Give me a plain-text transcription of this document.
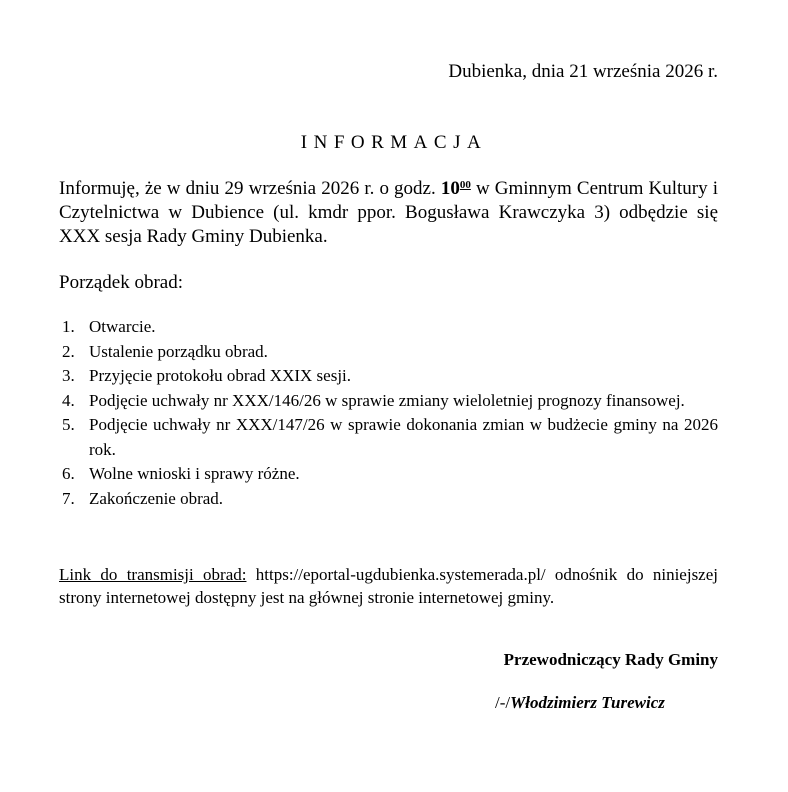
Dubienka, dnia 21 września 2026 r.
INFORMACJA

Informuję, że w dniu 29 września 2026 r. o godz. $10^{00}$ w Gminnym Centrum Kultury i Czytelnictwa w Dubience (ul. kmdr ppor. Bogusława Krawczyka 3) odbędzie się XXX sesja Rady Gminy Dubienka.

Porządek obrad:
1. Otwarcie.
2. Ustalenie porządku obrad.
3. Przyjęcie protokołu obrad XXIX sesji.
4. Podjęcie uchwały nr XXX/146/26 w sprawie zmiany wieloletniej prognozy finansowej.
5. Podjęcie uchwały nr XXX/147/26 w sprawie dokonania zmian w budżecie gminy na 2026 rok.
6. Wolne wnioski i sprawy różne.
7. Zakończenie obrad.

Link do transmisji obrad: https://eportal-ugdubienka.systemerada.pl/ odnośnik do niniejszej strony internetowej dostępny jest na głównej stronie internetowej gminy.

Przewodniczący Rady Gminy
/-/Włodzimierz Turewicz
